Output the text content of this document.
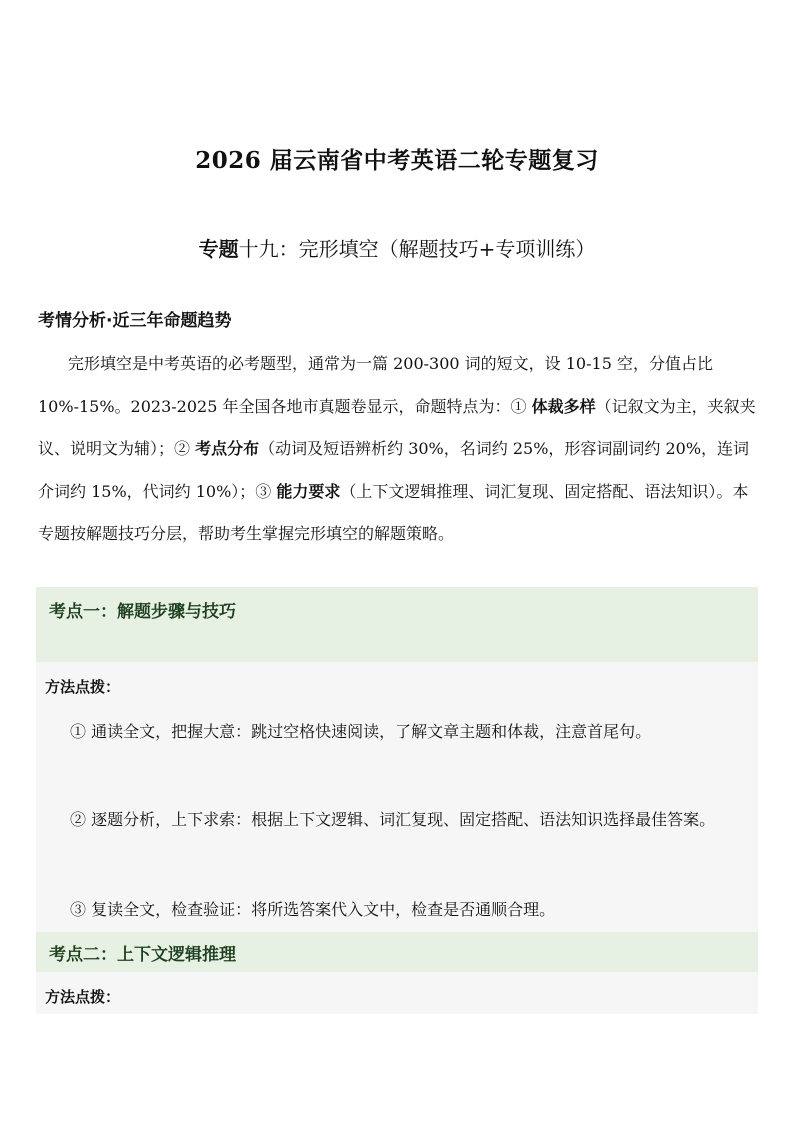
2026 届云南省中考英语二轮专题复习
专题十九：完形填空（解题技巧+专项训练）
考情分析·近三年命题趋势
完形填空是中考英语的必考题型，通常为一篇 200-300 词的短文，设 10-15 空，分值占比 10%-15%。2023-2025 年全国各地市真题卷显示，命题特点为：① 体裁多样（记叙文为主，夹叙夹议、说明文为辅）；② 考点分布（动词及短语辨析约 30%，名词约 25%，形容词副词约 20%，连词介词约 15%，代词约 10%）；③ 能力要求（上下文逻辑推理、词汇复现、固定搭配、语法知识）。本专题按解题技巧分层，帮助考生掌握完形填空的解题策略。
考点一：解题步骤与技巧
方法点拨：
① 通读全文，把握大意：跳过空格快速阅读，了解文章主题和体裁，注意首尾句。
② 逐题分析，上下求索：根据上下文逻辑、词汇复现、固定搭配、语法知识选择最佳答案。
③ 复读全文，检查验证：将所选答案代入文中，检查是否通顺合理。
考点二：上下文逻辑推理
方法点拨：
